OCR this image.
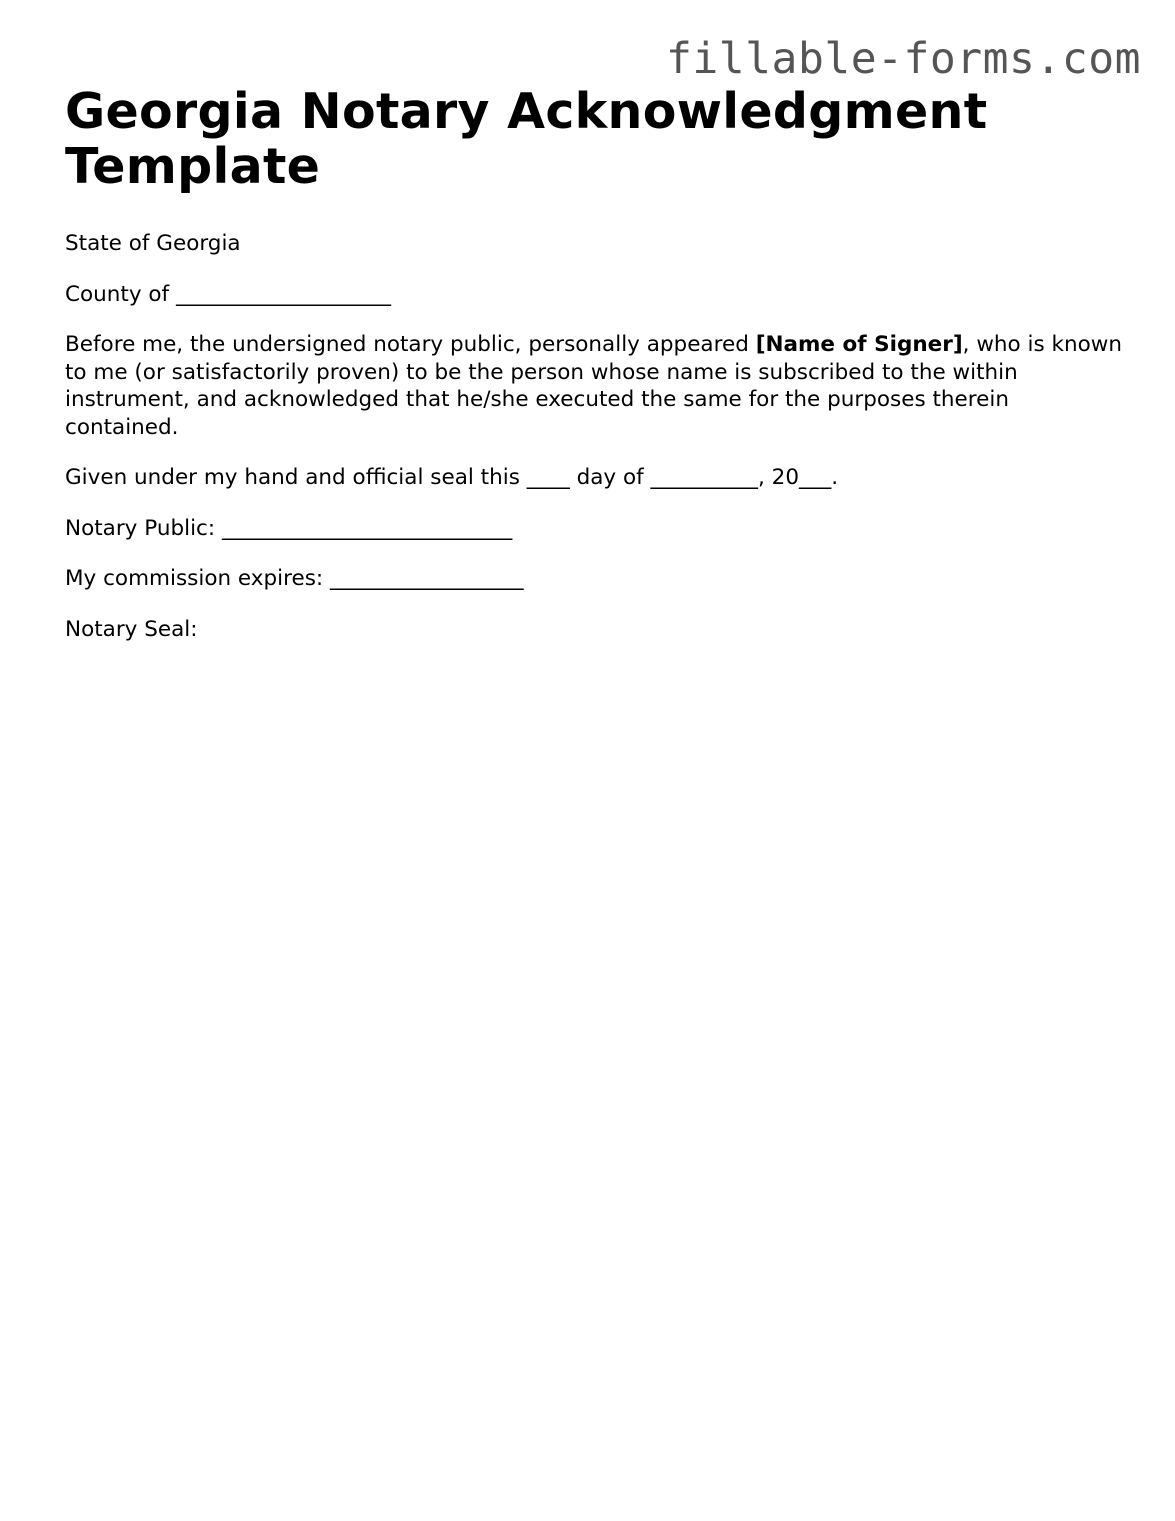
fillable-forms.com
Georgia Notary Acknowledgment Template

State of Georgia

County of ____________________

Before me, the undersigned notary public, personally appeared [Name of Signer], who is known to me (or satisfactorily proven) to be the person whose name is subscribed to the within instrument, and acknowledged that he/she executed the same for the purposes therein contained.

Given under my hand and official seal this ____ day of __________, 20___.

Notary Public: ___________________________

My commission expires: __________________

Notary Seal:
